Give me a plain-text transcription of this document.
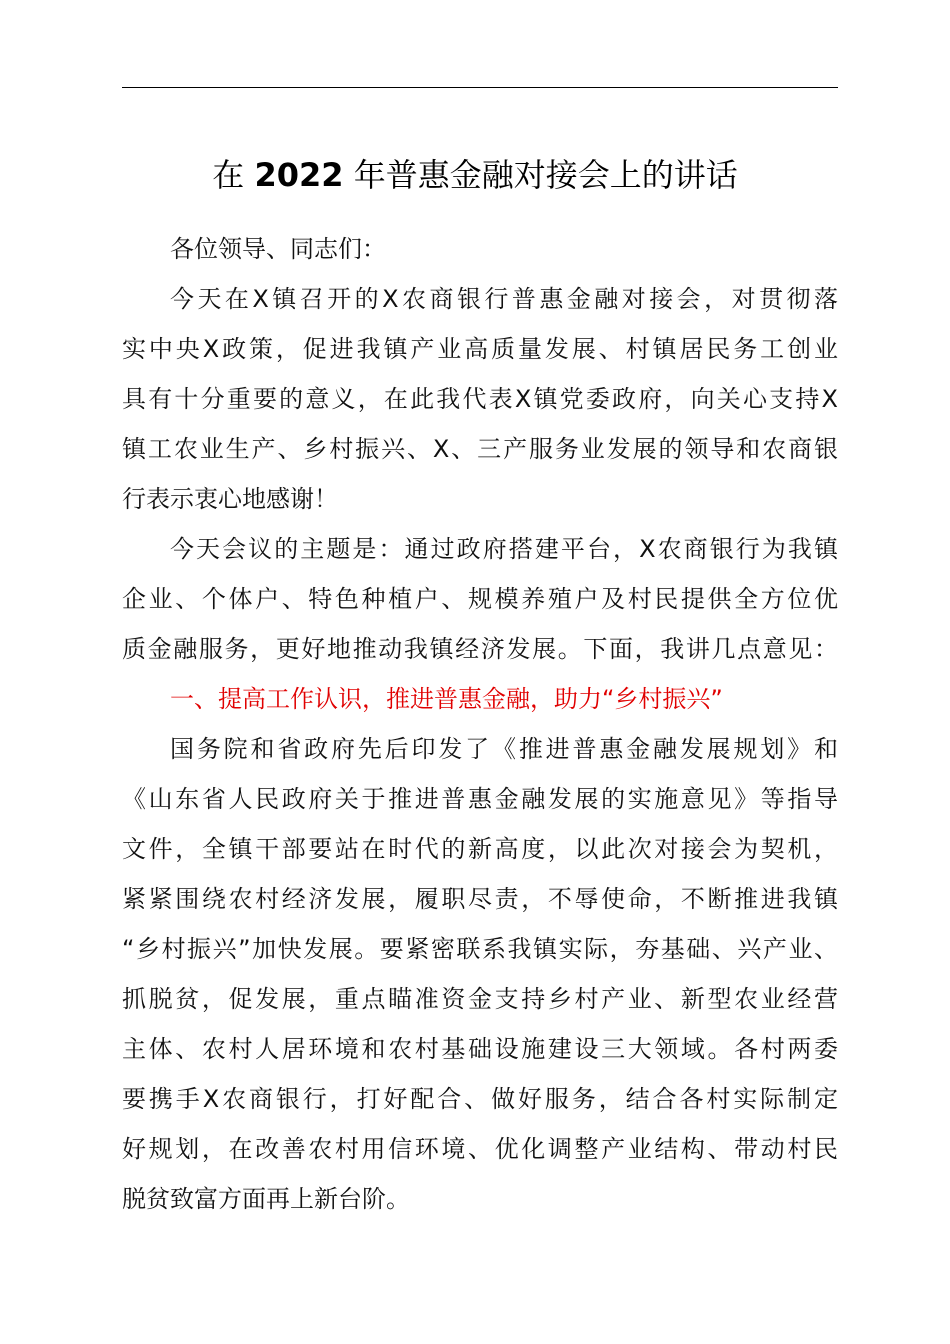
在 2022 年普惠金融对接会上的讲话

各位领导、同志们：

今天在X镇召开的X农商银行普惠金融对接会，对贯彻落
实中央X政策，促进我镇产业高质量发展、村镇居民务工创业
具有十分重要的意义，在此我代表X镇党委政府，向关心支持X
镇工农业生产、乡村振兴、X、三产服务业发展的领导和农商银
行表示衷心地感谢！

今天会议的主题是：通过政府搭建平台，X农商银行为我镇
企业、个体户、特色种植户、规模养殖户及村民提供全方位优
质金融服务，更好地推动我镇经济发展。下面，我讲几点意见：

一、提高工作认识，推进普惠金融，助力“乡村振兴”

国务院和省政府先后印发了《推进普惠金融发展规划》和
《山东省人民政府关于推进普惠金融发展的实施意见》等指导
文件，全镇干部要站在时代的新高度，以此次对接会为契机，
紧紧围绕农村经济发展，履职尽责，不辱使命，不断推进我镇
“乡村振兴”加快发展。要紧密联系我镇实际，夯基础、兴产业、
抓脱贫，促发展，重点瞄准资金支持乡村产业、新型农业经营
主体、农村人居环境和农村基础设施建设三大领域。各村两委
要携手X农商银行，打好配合、做好服务，结合各村实际制定
好规划，在改善农村用信环境、优化调整产业结构、带动村民
脱贫致富方面再上新台阶。
